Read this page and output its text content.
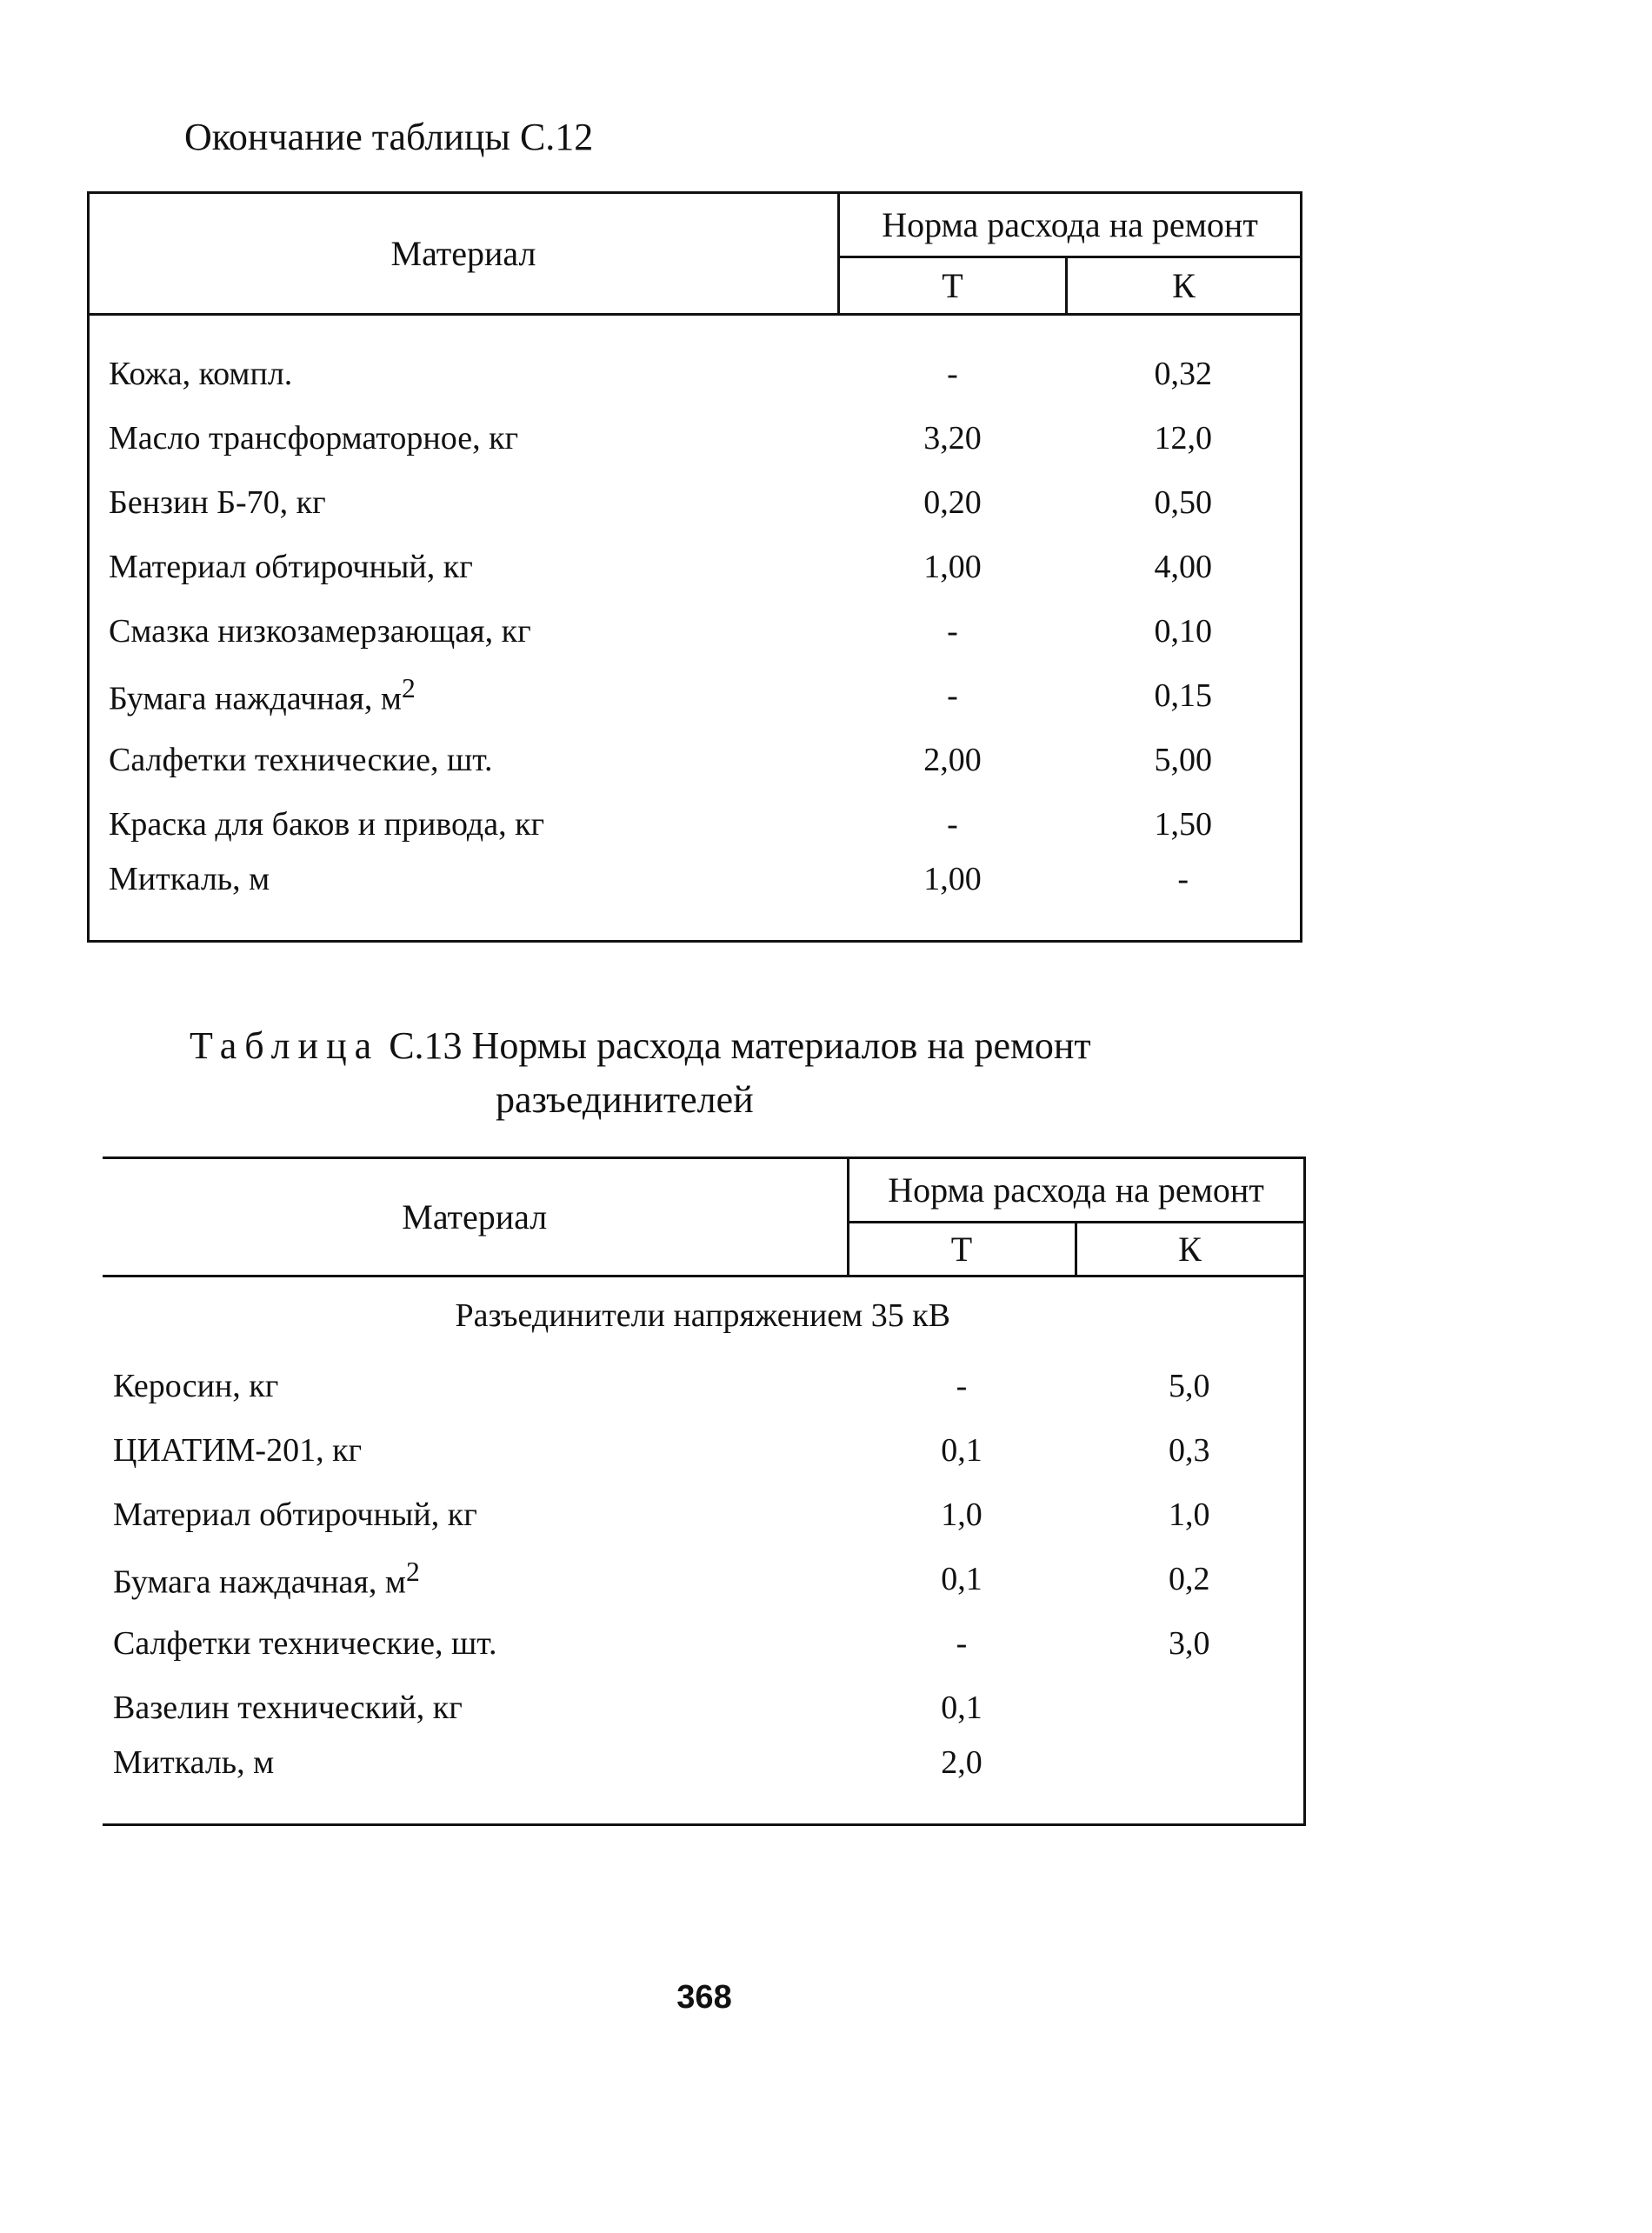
Окончание таблицы С.12
Материал	Норма расхода на ремонт	
	Т	К

Кожа, компл.	-	0,32
Масло трансформаторное, кг	3,20	12,0
Бензин Б-70, кг	0,20	0,50
Материал обтирочный, кг	1,00	4,00
Смазка низкозамерзающая, кг	-	0,10
Бумага наждачная, $м^2$	-	0,15
Салфетки технические, шт.	2,00	5,00
Краска для баков и привода, кг	-	1,50
Миткаль, м	1,00	-
Таблица С.13 Нормы расхода материалов на ремонт
разъединителей
Материал	Норма расхода на ремонт	
	Т	К
Разъединители напряжением 35 кВ		
Керосин, кг	-	5,0
ЦИАТИМ-201, кг	0,1	0,3
Материал обтирочный, кг	1,0	1,0
Бумага наждачная, $м^2$	0,1	0,2
Салфетки технические, шт.	-	3,0
Вазелин технический, кг	0,1	
Миткаль, м	2,0	
368
